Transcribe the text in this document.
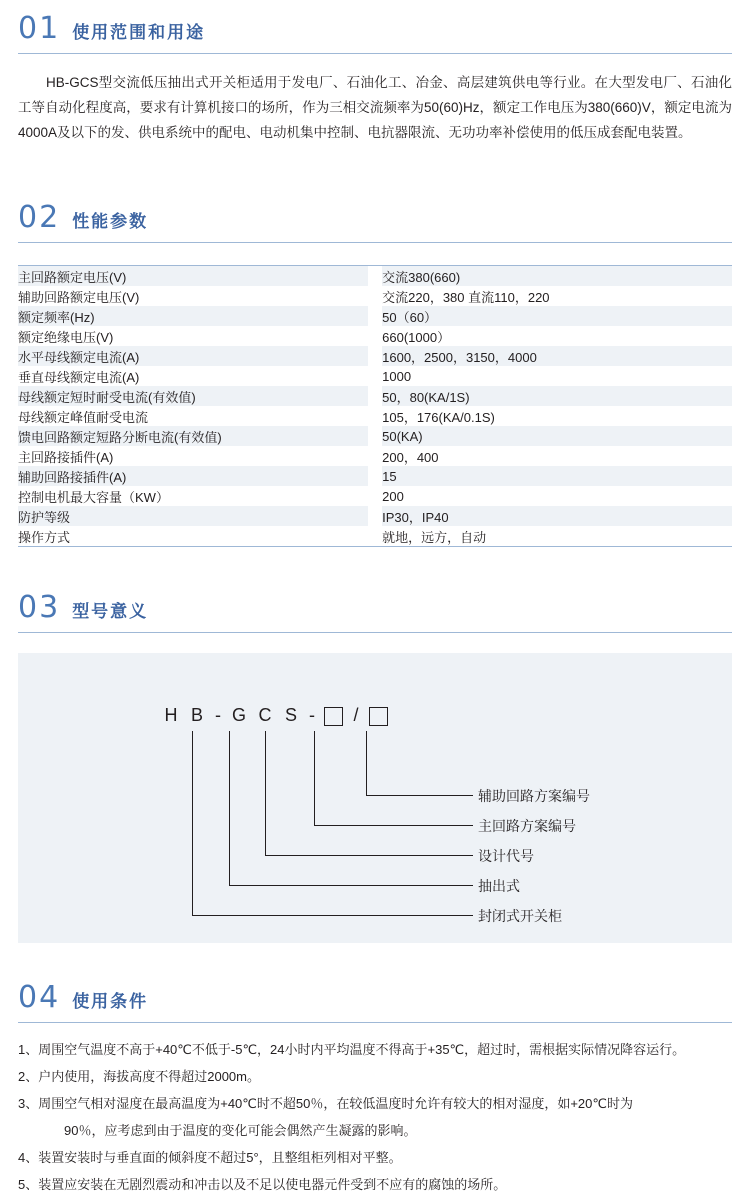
01 使用范围和用途

HB-GCS型交流低压抽出式开关柜适用于发电厂、石油化工、冶金、高层建筑供电等行业。在大型发电厂、石油化工等自动化程度高，要求有计算机接口的场所，作为三相交流频率为50(60)Hz，额定工作电压为380(660)V，额定电流为4000A及以下的发、供电系统中的配电、电动机集中控制、电抗器限流、无功功率补偿使用的低压成套配电装置。

02 性能参数
主回路额定电压(V)		交流380(660)
辅助回路额定电压(V)		交流220，380 直流110，220
额定频率(Hz)		50（60）
额定绝缘电压(V)		660(1000）
水平母线额定电流(A)		1600，2500，3150，4000
垂直母线额定电流(A)		1000
母线额定短时耐受电流(有效值)		50，80(KA/1S)
母线额定峰值耐受电流		105，176(KA/0.1S)
馈电回路额定短路分断电流(有效值)		50(KA)
主回路接插件(A)		200，400
辅助回路接插件(A)		15
控制电机最大容量（KW）		200
防护等级		IP30，IP40
操作方式		就地，远方，自动
03 型号意义
H B - G C S - /
辅助回路方案编号
主回路方案编号
设计代号
抽出式
封闭式开关柜
04 使用条件
1、周围空气温度不高于+40℃不低于-5℃，24小时内平均温度不得高于+35℃，超过时，需根据实际情况降容运行。
2、户内使用，海拔高度不得超过2000m。
3、周围空气相对湿度在最高温度为+40℃时不超50％，在较低温度时允许有较大的相对湿度，如+20℃时为
90％，应考虑到由于温度的变化可能会偶然产生凝露的影响。
4、装置安装时与垂直面的倾斜度不超过5°，且整组柜列相对平整。
5、装置应安装在无剧烈震动和冲击以及不足以使电器元件受到不应有的腐蚀的场所。
